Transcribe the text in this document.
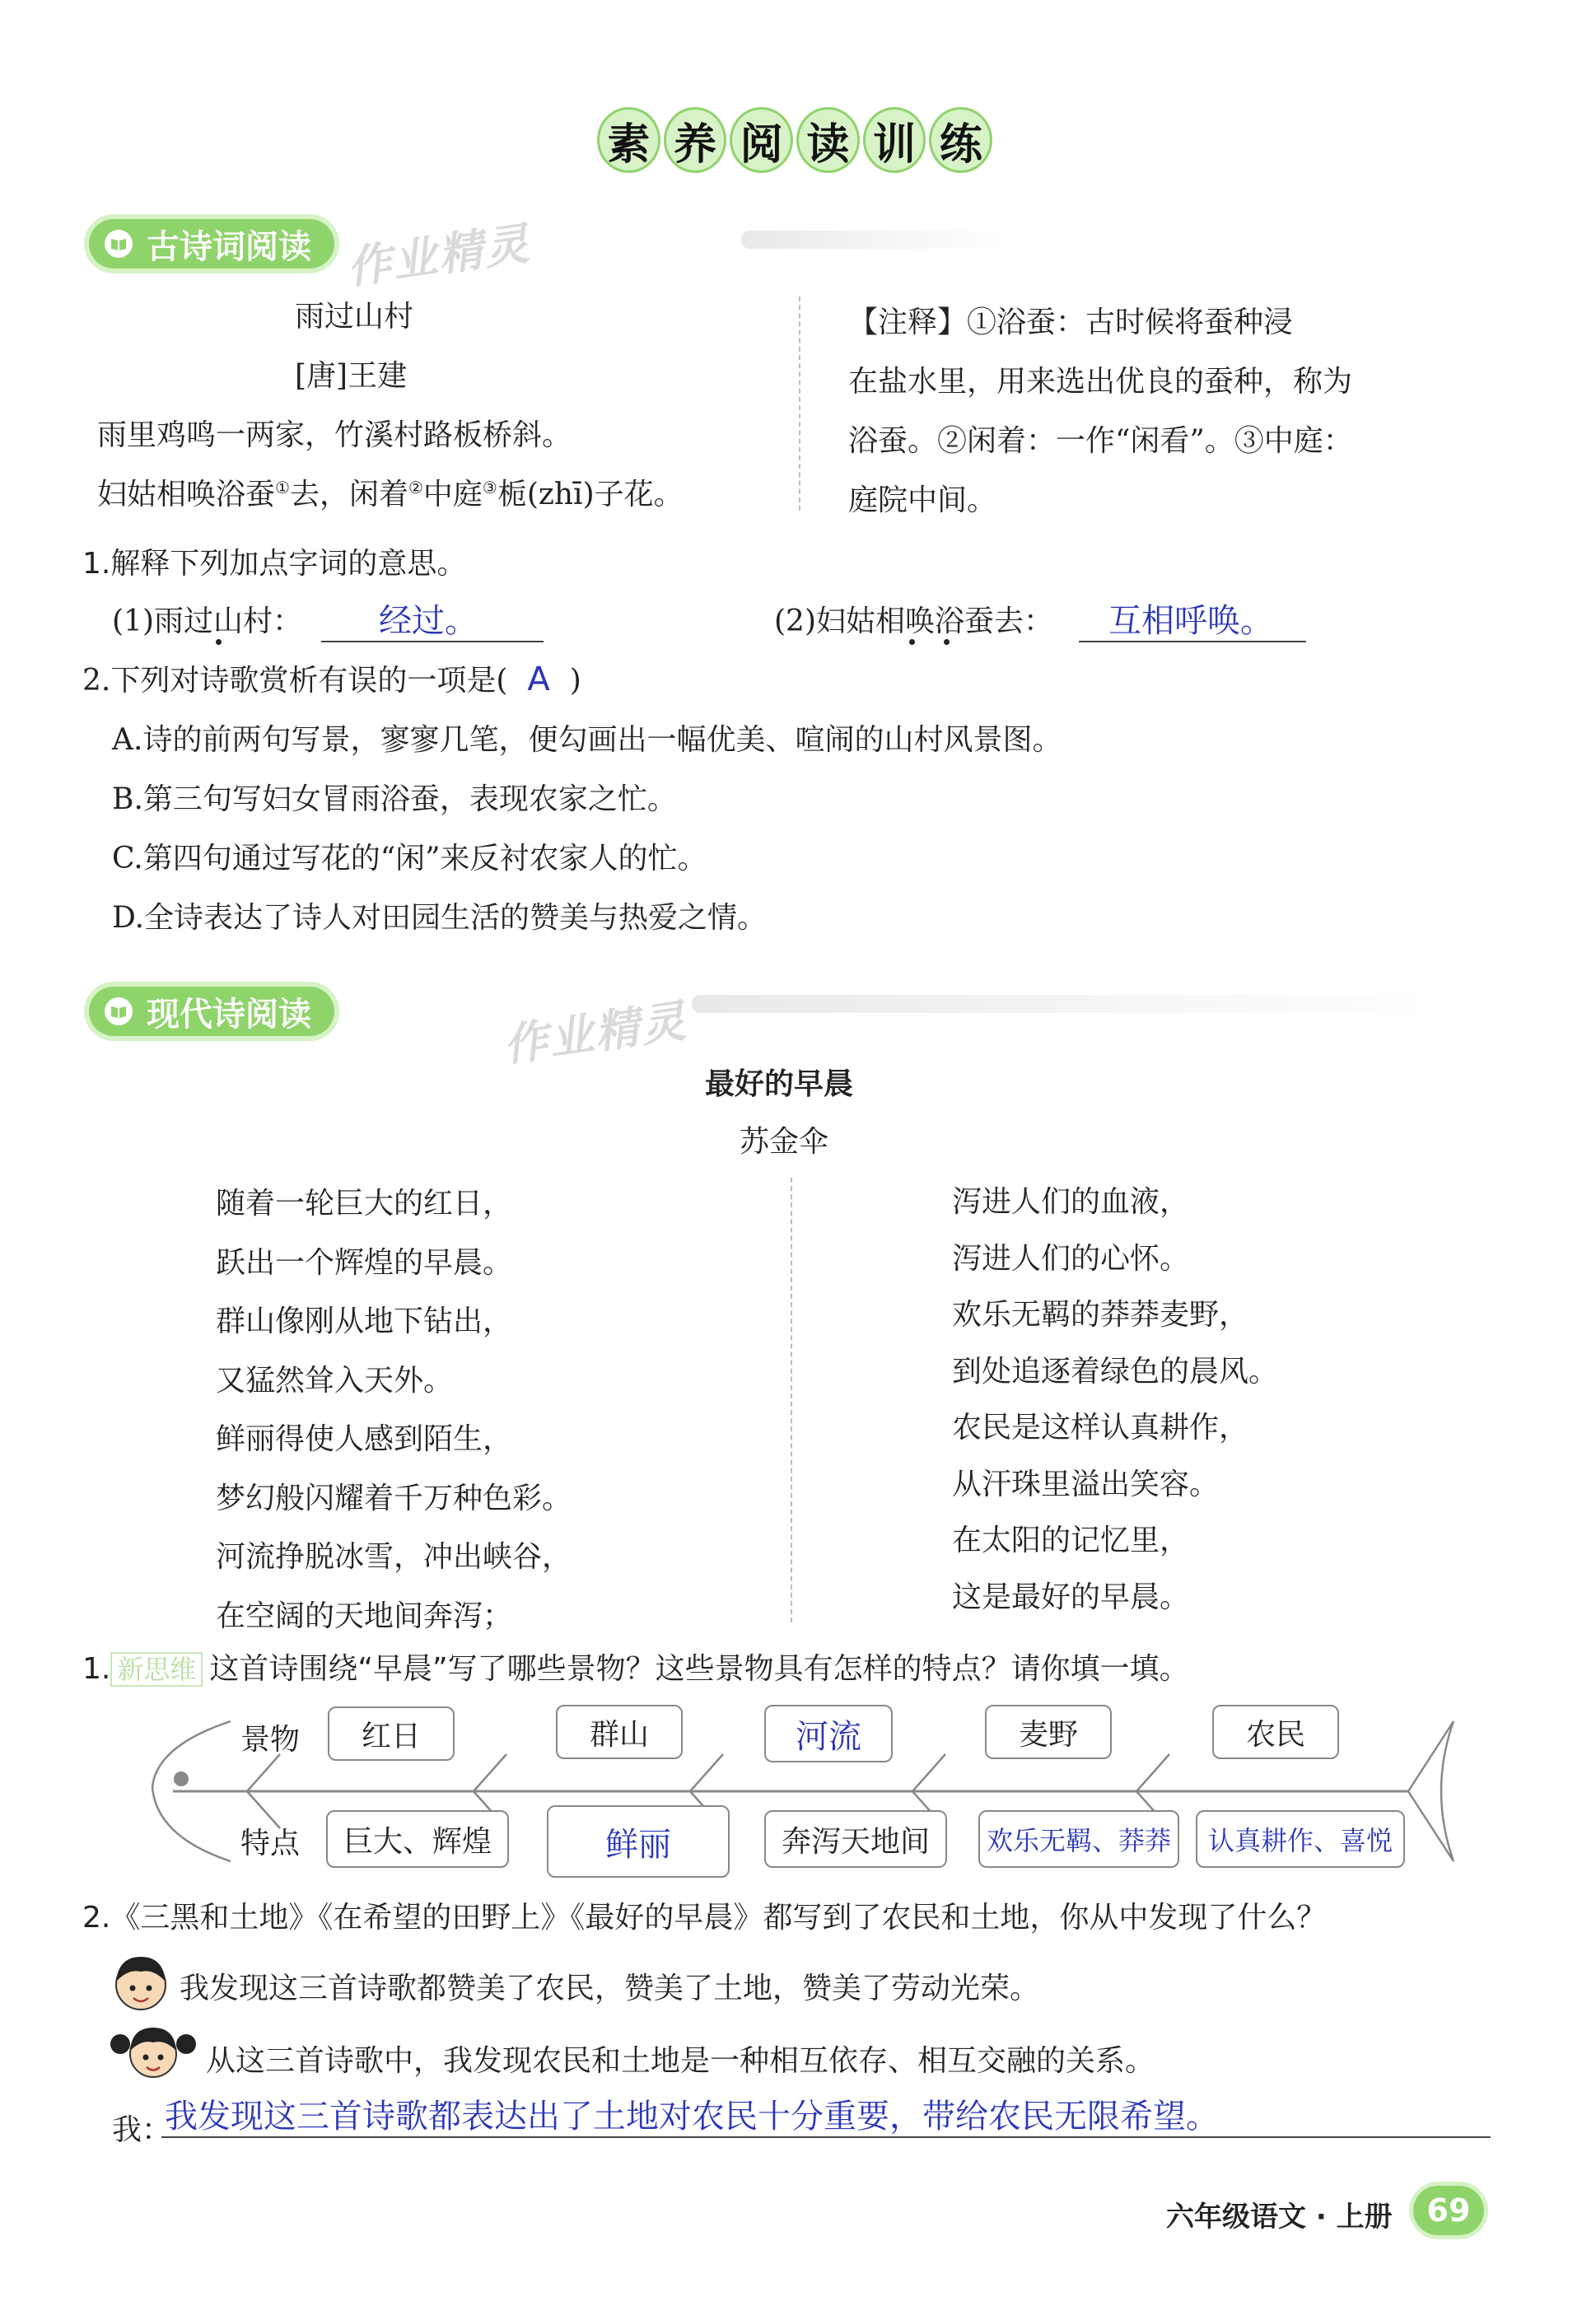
素 养 阅 读 训 练
古诗词阅读 作业精灵
雨过山村
[唐]王建
雨里鸡鸣一两家，竹溪村路板桥斜。
妇姑相唤浴蚕①去，闲着②中庭③栀(zhī)子花。
【注释】①浴蚕：古时候将蚕种浸
在盐水里，用来选出优良的蚕种，称为
浴蚕。②闲着：一作“闲看”。③中庭：
庭院中间。
1.解释下列加点字词的意思。
(1)雨过山村：	经过。	(2)妇姑相唤浴蚕去：	互相呼唤。
2.下列对诗歌赏析有误的一项是( A )
A.诗的前两句写景，寥寥几笔，便勾画出一幅优美、喧闹的山村风景图。
B.第三句写妇女冒雨浴蚕，表现农家之忙。
C.第四句通过写花的“闲”来反衬农家人的忙。
D.全诗表达了诗人对田园生活的赞美与热爱之情。
现代诗阅读	作业精灵
最好的早晨
苏金伞
随着一轮巨大的红日，
跃出一个辉煌的早晨。
群山像刚从地下钻出，
又猛然耸入天外。
鲜丽得使人感到陌生，
梦幻般闪耀着千万种色彩。
河流挣脱冰雪，冲出峡谷，
在空阔的天地间奔泻；
泻进人们的血液，
泻进人们的心怀。
欢乐无羁的莽莽麦野，
到处追逐着绿色的晨风。
农民是这样认真耕作，
从汗珠里溢出笑容。
在太阳的记忆里，
这是最好的早晨。
1. 新思维 这首诗围绕“早晨”写了哪些景物？这些景物具有怎样的特点？请你填一填。
景物
特点
红日	群山	河流	麦野	农民
巨大、辉煌	鲜丽	奔泻天地间	欢乐无羁、莽莽	认真耕作、喜悦
2.《三黑和土地》《在希望的田野上》《最好的早晨》都写到了农民和土地，你从中发现了什么？
我发现这三首诗歌都赞美了农民，赞美了土地，赞美了劳动光荣。
从这三首诗歌中，我发现农民和土地是一种相互依存、相互交融的关系。
我：
我发现这三首诗歌都表达出了土地对农民十分重要，带给农民无限希望。
六年级语文 · 上册	69
